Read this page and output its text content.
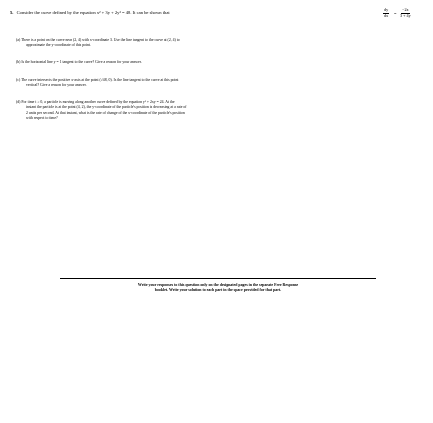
5. Consider the curve defined by the equation x² + 3y + 2y² = 48. It can be shown that	$\frac{dy}{dx} = \frac{-2x}{3 + 4y}$
(a) There is a point on the curve near (2, 4) with x-coordinate 3. Use the line tangent to the curve at (2, 4) to
approximate the y-coordinate of this point.
(b) Is the horizontal line y = 1 tangent to the curve? Give a reason for your answer.
(c) The curve intersects the positive x-axis at the point (√48, 0). Is the line tangent to the curve at this point
vertical? Give a reason for your answer.
(d) For time t ≥ 0, a particle is moving along another curve defined by the equation y³ + 2xy = 24. At the
instant the particle is at the point (4, 2), the y-coordinate of the particle's position is decreasing at a rate of
2 units per second. At that instant, what is the rate of change of the x-coordinate of the particle's position
with respect to time?
Write your responses to this question only on the designated pages in the separate Free Response
booklet. Write your solution to each part in the space provided for that part.
